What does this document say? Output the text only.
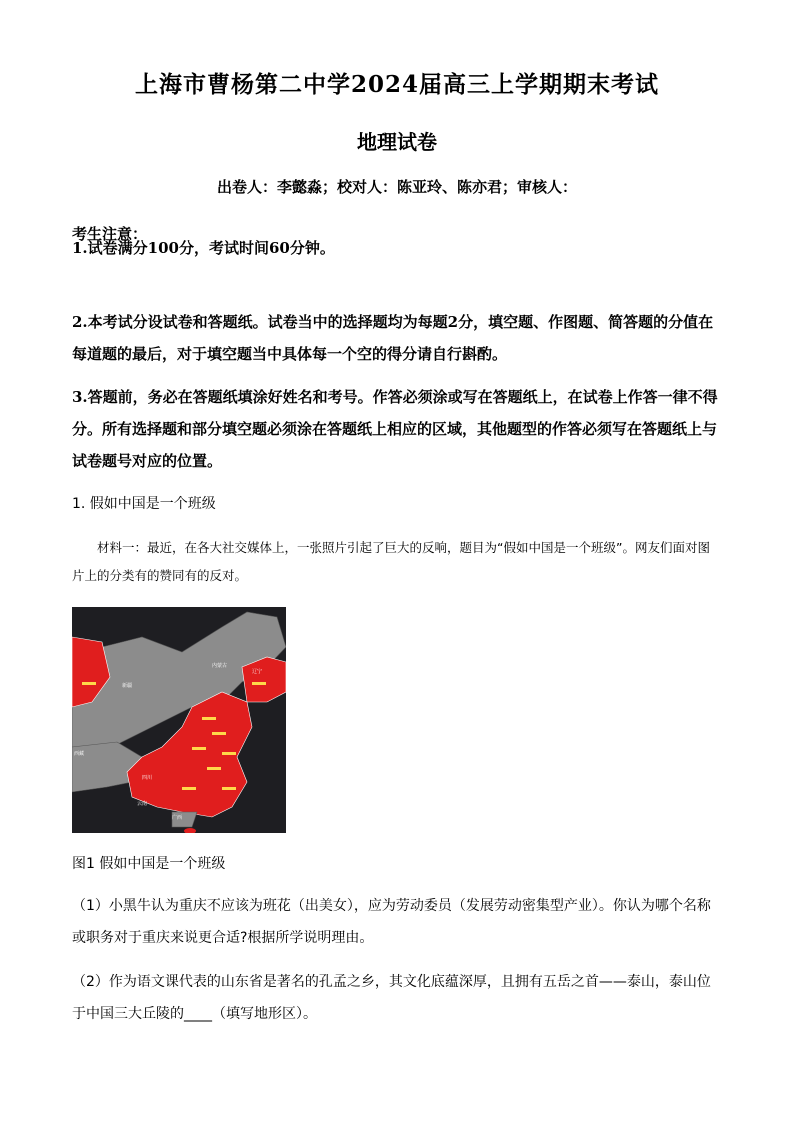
上海市曹杨第二中学2024届高三上学期期末考试
地理试卷
出卷人：李懿淼；校对人：陈亚玲、陈亦君；审核人：
考生注意：
1.试卷满分100分，考试时间60分钟。
2.本考试分设试卷和答题纸。试卷当中的选择题均为每题2分，填空题、作图题、简答题的分值在每道题的最后，对于填空题当中具体每一个空的得分请自行斟酌。
3.答题前，务必在答题纸填涂好姓名和考号。作答必须涂或写在答题纸上，在试卷上作答一律不得分。所有选择题和部分填空题必须涂在答题纸上相应的区域，其他题型的作答必须写在答题纸上与试卷题号对应的位置。
1. 假如中国是一个班级
材料一：最近，在各大社交媒体上，一张照片引起了巨大的反响，题目为“假如中国是一个班级”。网友们面对图片上的分类有的赞同有的反对。
西藏
四川
辽宁
云南
广西
内蒙古
新疆
图1 假如中国是一个班级
（1）小黑牛认为重庆不应该为班花（出美女），应为劳动委员（发展劳动密集型产业）。你认为哪个名称或职务对于重庆来说更合适?根据所学说明理由。
（2）作为语文课代表的山东省是著名的孔孟之乡，其文化底蕴深厚，且拥有五岳之首——泰山，泰山位于中国三大丘陵的____（填写地形区）。
